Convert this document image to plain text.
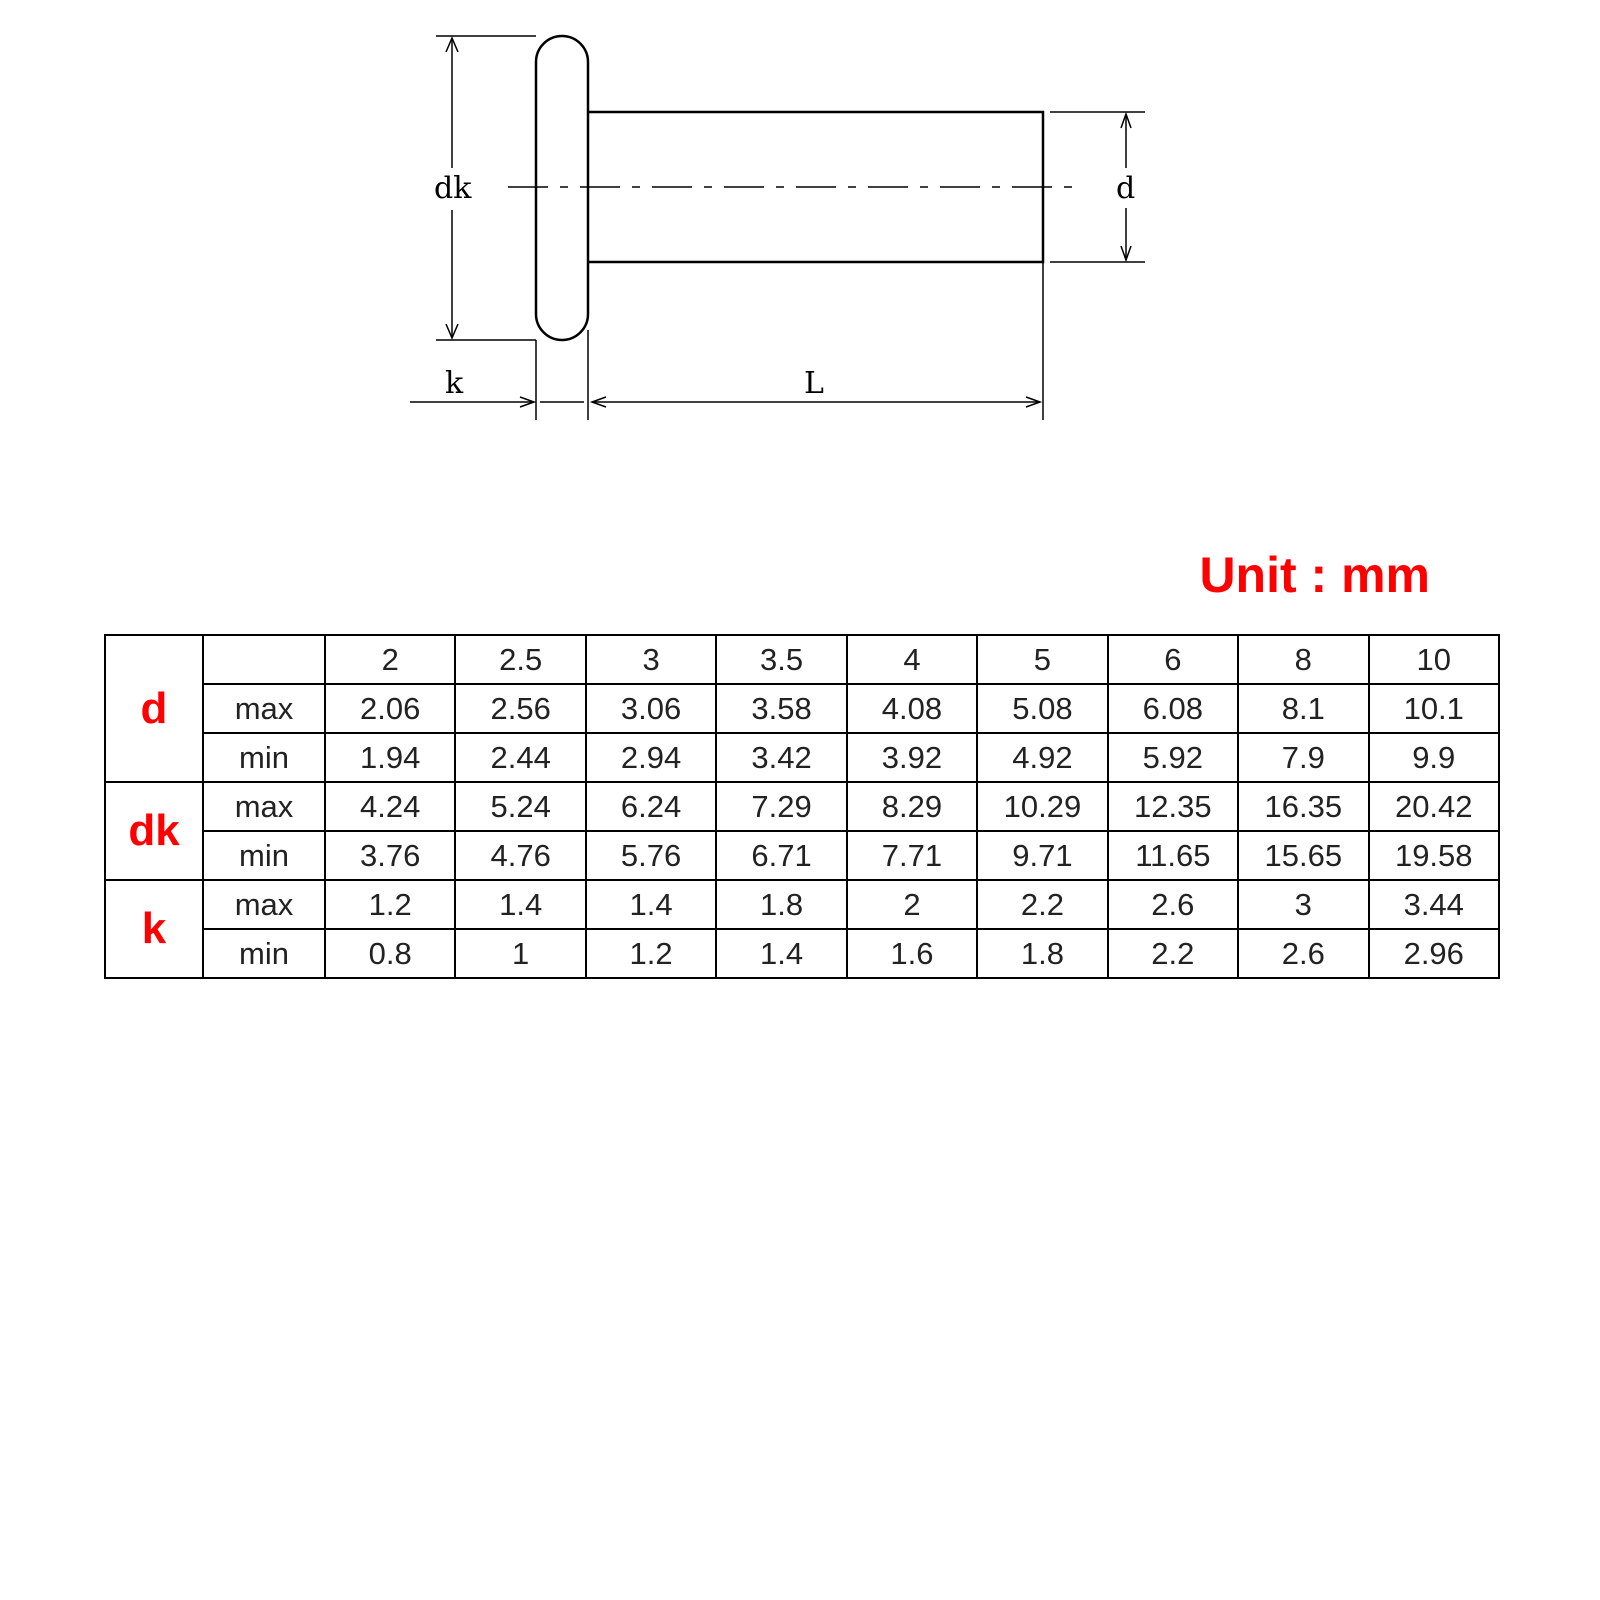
dk	d
k	L
Unit : mm
d		2	2.5	3	3.5	4	5	6	8	10
	max	2.06	2.56	3.06	3.58	4.08	5.08	6.08	8.1	10.1
	min	1.94	2.44	2.94	3.42	3.92	4.92	5.92	7.9	9.9
dk	max	4.24	5.24	6.24	7.29	8.29	10.29	12.35	16.35	20.42
	min	3.76	4.76	5.76	6.71	7.71	9.71	11.65	15.65	19.58
k	max	1.2	1.4	1.4	1.8	2	2.2	2.6	3	3.44
	min	0.8	1	1.2	1.4	1.6	1.8	2.2	2.6	2.96
